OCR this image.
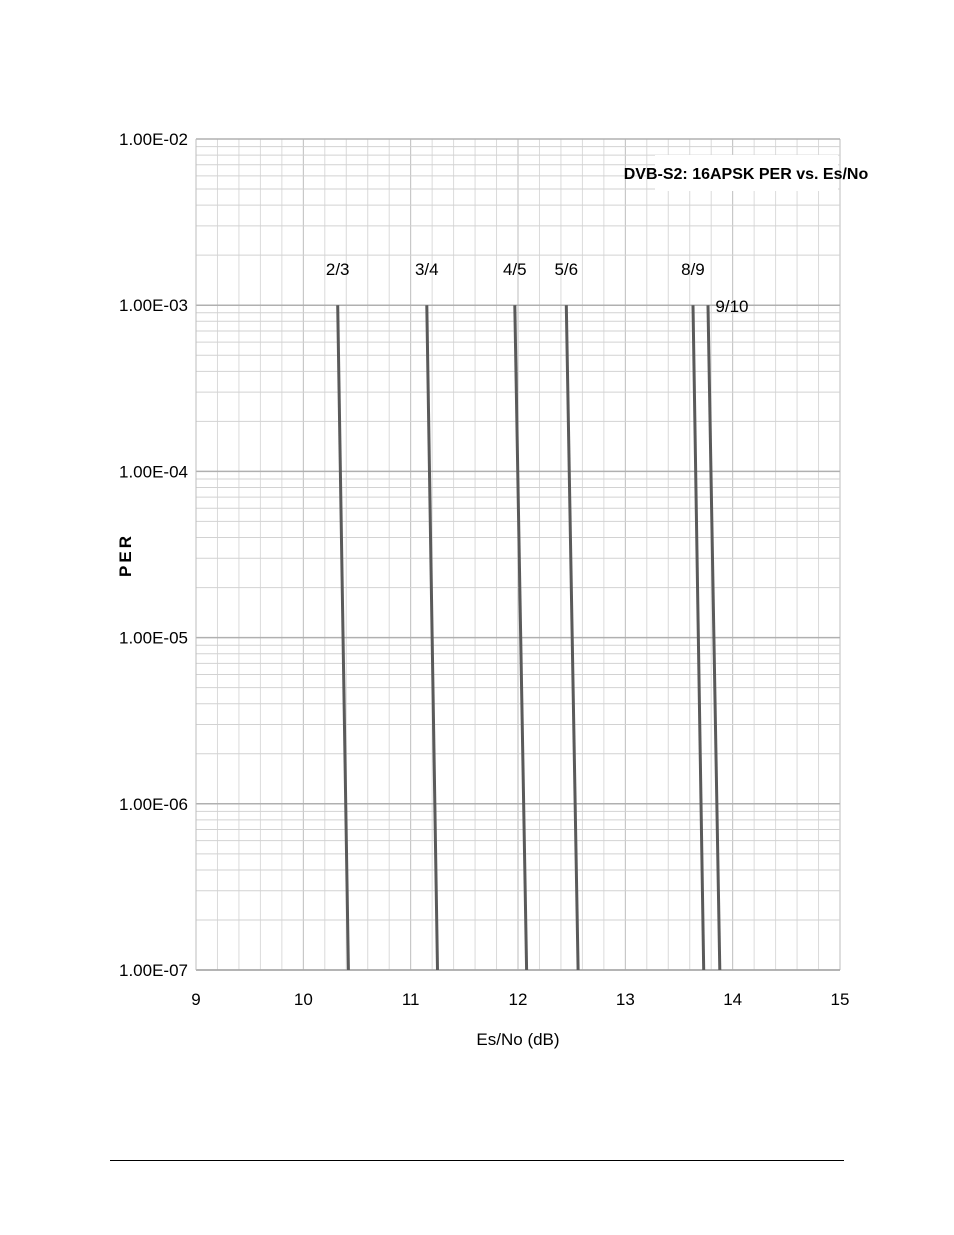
2/3	3/4	4/5 5/6	8/9
9/10
DVB-S2: 16APSK PER vs. Es/No
9	10	11	12	13	14	15
1.00E-02
1.00E-03
1.00E-04
1.00E-05
1.00E-06
1.00E-07
Es/No (dB)
PER
